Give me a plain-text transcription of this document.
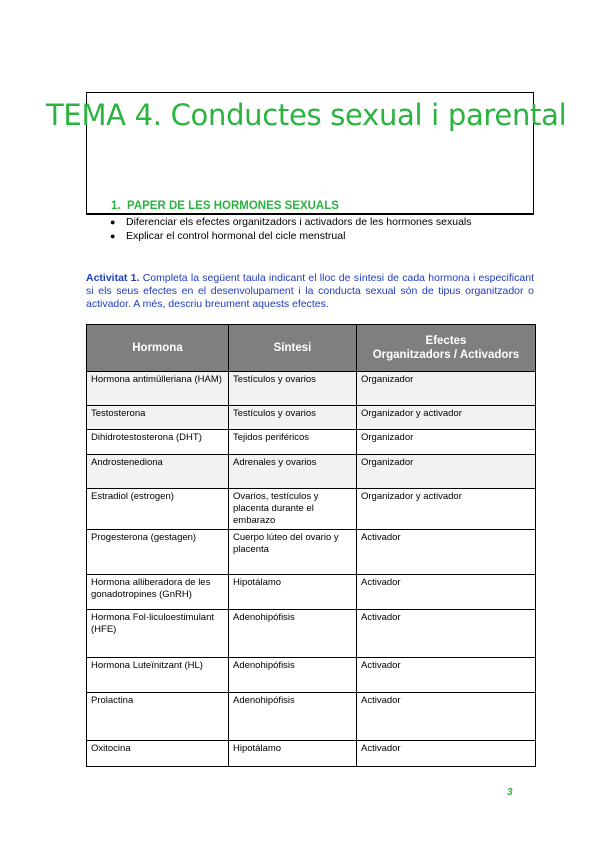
TEMA 4. Conductes sexual i parental
1. PAPER DE LES HORMONES SEXUALS
● Diferenciar els efectes organitzadors i activadors de les hormones sexuals
● Explicar el control hormonal del cicle menstrual

Activitat 1. Completa la següent taula indicant el lloc de síntesi de cada hormona i especificant si els seus efectes en el desenvolupament i la conducta sexual són de tipus organitzador o activador. A més, descriu breument aquests efectes.

Hormona	Síntesi	Efectes
Organitzadors / Activadors
Hormona antimülleriana (HAM)	Testículos y ovarios	Organizador
Testosterona	Testículos y ovarios	Organizador y activador
Dihidrotestosterona (DHT)	Tejidos periféricos	Organizador
Androstenediona	Adrenales y ovarios	Organizador
Estradiol (estrogen)	Ovarios, testículos y placenta durante el embarazo	Organizador y activador
Progesterona (gestagen)	Cuerpo lúteo del ovario y placenta	Activador
Hormona alliberadora de les gonadotropines (GnRH)	Hipotálamo	Activador
Hormona Fol·liculoestimulant (HFE)	Adenohipófisis	Activador
Hormona Luteïnitzant (HL)	Adenohipófisis	Activador
Prolactina	Adenohipófisis	Activador
Oxitocina	Hipotálamo	Activador
3
